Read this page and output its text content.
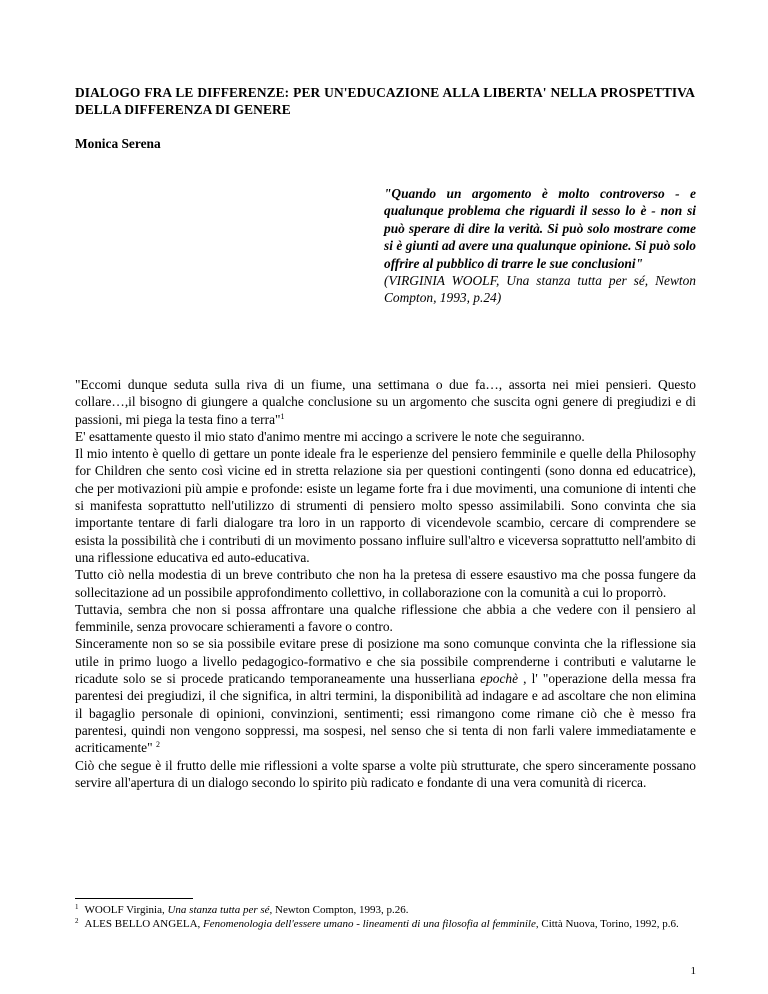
DIALOGO FRA LE DIFFERENZE: PER UN'EDUCAZIONE ALLA LIBERTA' NELLA PROSPETTIVA DELLA DIFFERENZA DI GENERE
Monica Serena
"Quando un argomento è molto controverso - e qualunque problema che riguardi il sesso lo è - non si può sperare di dire la verità. Si può solo mostrare come si è giunti ad avere una qualunque opinione. Si può solo offrire al pubblico di trarre le sue conclusioni"
(VIRGINIA WOOLF, Una stanza tutta per sé, Newton Compton, 1993, p.24)

"Eccomi dunque seduta sulla riva di un fiume, una settimana o due fa…, assorta nei miei pensieri. Questo collare…,il bisogno di giungere a qualche conclusione su un argomento che suscita ogni genere di pregiudizi e di passioni, mi piega la testa fino a terra"$^1$

E' esattamente questo il mio stato d'animo mentre mi accingo a scrivere le note che seguiranno.

Il mio intento è quello di gettare un ponte ideale fra le esperienze del pensiero femminile e quelle della Philosophy for Children che sento così vicine ed in stretta relazione sia per questioni contingenti (sono donna ed educatrice), che per motivazioni più ampie e profonde: esiste un legame forte fra i due movimenti, una comunione di intenti che si manifesta soprattutto nell'utilizzo di strumenti di pensiero molto spesso assimilabili. Sono convinta che sia importante tentare di farli dialogare tra loro in un rapporto di vicendevole scambio, cercare di comprendere se esista la possibilità che i contributi di un movimento possano influire sull'altro e viceversa soprattutto nell'ambito di una riflessione educativa ed auto-educativa.

Tutto ciò nella modestia di un breve contributo che non ha la pretesa di essere esaustivo ma che possa fungere da sollecitazione ad un possibile approfondimento collettivo, in collaborazione con la comunità a cui lo proporrò.

Tuttavia, sembra che non si possa affrontare una qualche riflessione che abbia a che vedere con il pensiero al femminile, senza provocare schieramenti a favore o contro.

Sinceramente non so se sia possibile evitare prese di posizione ma sono comunque convinta che la riflessione sia utile in primo luogo a livello pedagogico-formativo e che sia possibile comprenderne i contributi e valutarne le ricadute solo se si procede praticando temporaneamente una husserliana epochè , l' "operazione della messa fra parentesi dei pregiudizi, il che significa, in altri termini, la disponibilità ad indagare e ad ascoltare che non elimina il bagaglio personale di opinioni, convinzioni, sentimenti; essi rimangono come rimane ciò che è messo fra parentesi, quindi non vengono soppressi, ma sospesi, nel senso che si tenta di non farli valere immediatamente e acriticamente" $^2$

Ciò che segue è il frutto delle mie riflessioni a volte sparse a volte più strutturate, che spero sinceramente possano servire all'apertura di un dialogo secondo lo spirito più radicato e fondante di una vera comunità di ricerca.

$^1$ WOOLF Virginia, Una stanza tutta per sé, Newton Compton, 1993, p.26.

$^2$ ALES BELLO ANGELA, Fenomenologia dell'essere umano - lineamenti di una filosofia al femminile, Città Nuova, Torino, 1992, p.6.

1
